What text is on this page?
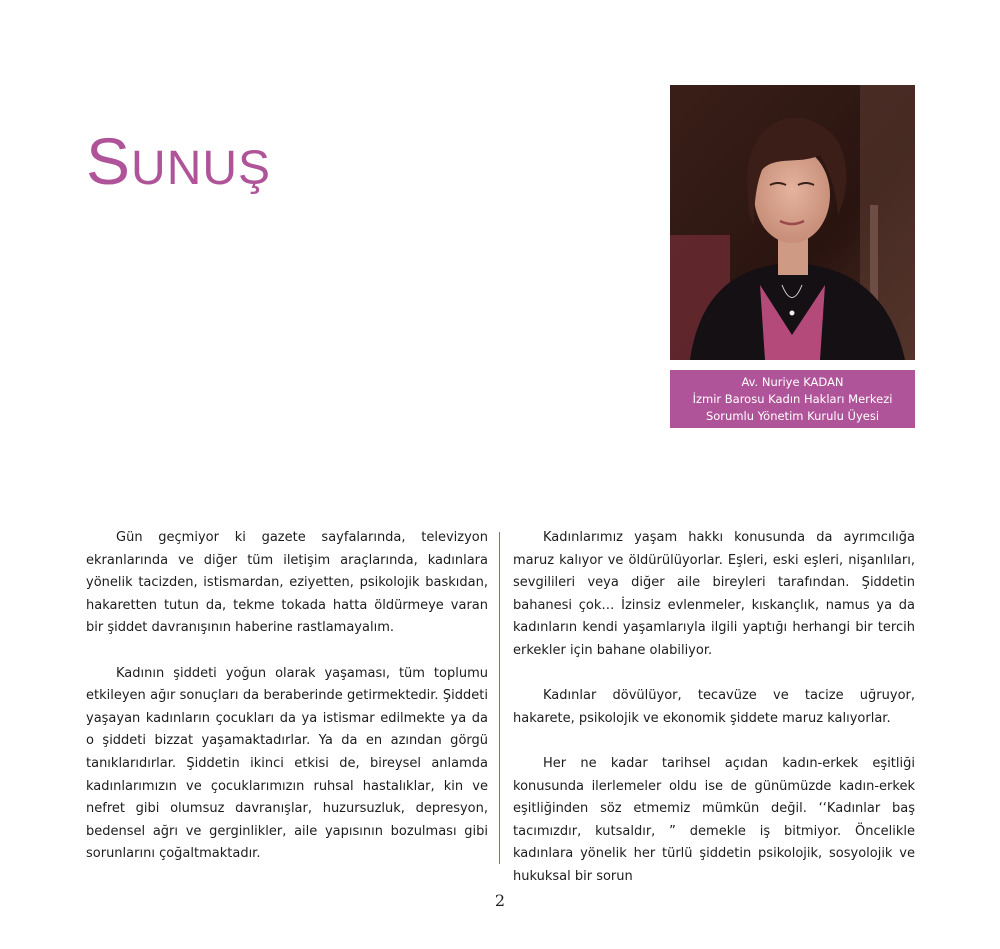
SUNUŞ
Av. Nuriye KADAN
İzmir Barosu Kadın Hakları Merkezi
Sorumlu Yönetim Kurulu Üyesi

Gün geçmiyor ki gazete sayfalarında, televizyon ekranlarında ve diğer tüm iletişim araçlarında, kadınlara yönelik tacizden, istismardan, eziyetten, psikolojik baskıdan, hakaretten tutun da, tekme tokada hatta öldürmeye varan bir şiddet davranışının haberine rastlamayalım.

Kadının şiddeti yoğun olarak yaşaması, tüm toplumu etkileyen ağır sonuçları da beraberinde getirmektedir. Şiddeti yaşayan kadınların çocukları da ya istismar edilmekte ya da o şiddeti bizzat yaşamaktadırlar. Ya da en azından görgü tanıklarıdırlar. Şiddetin ikinci etkisi de, bireysel anlamda kadınlarımızın ve çocuklarımızın ruhsal hastalıklar, kin ve nefret gibi olumsuz davranışlar, huzursuzluk, depresyon, bedensel ağrı ve gerginlikler, aile yapısının bozulması gibi sorunlarını çoğaltmaktadır.

Kadınlarımız yaşam hakkı konusunda da ayrımcılığa maruz kalıyor ve öldürülüyorlar. Eşleri, eski eşleri, nişanlıları, sevgilileri veya diğer aile bireyleri tarafından. Şiddetin bahanesi çok… İzinsiz evlenmeler, kıskançlık, namus ya da kadınların kendi yaşamlarıyla ilgili yaptığı herhangi bir tercih erkekler için bahane olabiliyor.

Kadınlar dövülüyor, tecavüze ve tacize uğruyor, hakarete, psikolojik ve ekonomik şiddete maruz kalıyorlar.

Her ne kadar tarihsel açıdan kadın-erkek eşitliği konusunda ilerlemeler oldu ise de günümüzde kadın-erkek eşitliğinden söz etmemiz mümkün değil. ‘‘Kadınlar baş tacımızdır, kutsaldır, ” demekle iş bitmiyor. Öncelikle kadınlara yönelik her türlü şiddetin psikolojik, sosyolojik ve hukuksal bir sorun

2
